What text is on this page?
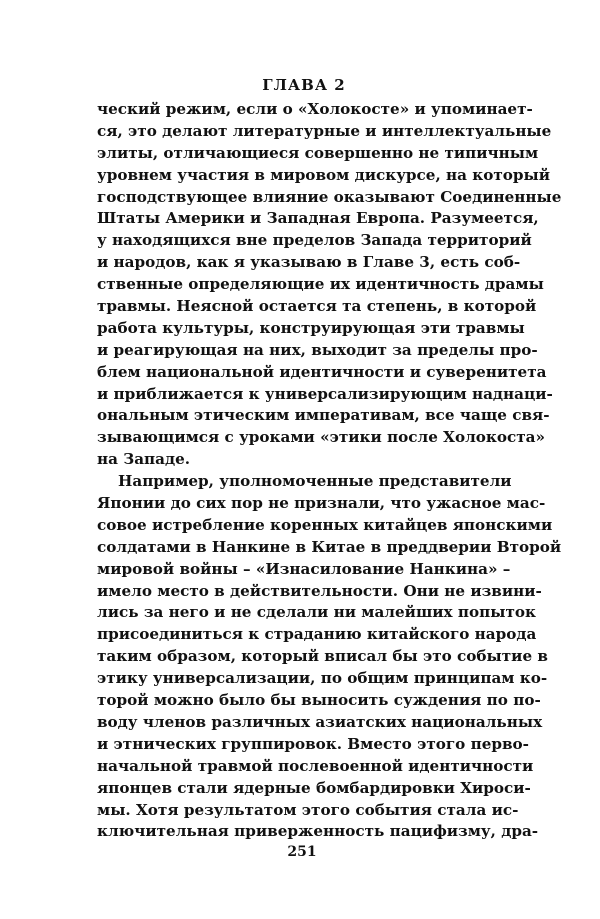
ГЛАВА 2
ческий режим, если о «Холокосте» и упоминает-
ся, это делают литературные и интеллектуальные
элиты, отличающиеся совершенно не типичным
уровнем участия в мировом дискурсе, на который
господствующее влияние оказывают Соединенные
Штаты Америки и Западная Европа. Разумеется,
у находящихся вне пределов Запада территорий
и народов, как я указываю в Главе 3, есть соб-
ственные определяющие их идентичность драмы
травмы. Неясной остается та степень, в которой
работа культуры, конструирующая эти травмы
и реагирующая на них, выходит за пределы про-
блем национальной идентичности и суверенитета
и приближается к универсализирующим наднаци-
ональным этическим императивам, все чаще свя-
зывающимся с уроками «этики после Холокоста»
на Западе.
Например, уполномоченные представители
Японии до сих пор не признали, что ужасное мас-
совое истребление коренных китайцев японскими
солдатами в Нанкине в Китае в преддверии Второй
мировой войны – «Изнасилование Нанкина» –
имело место в действительности. Они не извини-
лись за него и не сделали ни малейших попыток
присоединиться к страданию китайского народа
таким образом, который вписал бы это событие в
этику универсализации, по общим принципам ко-
торой можно было бы выносить суждения по по-
воду членов различных азиатских национальных
и этнических группировок. Вместо этого перво-
начальной травмой послевоенной идентичности
японцев стали ядерные бомбардировки Хироси-
мы. Хотя результатом этого события стала ис-
ключительная приверженность пацифизму, дра-
251
